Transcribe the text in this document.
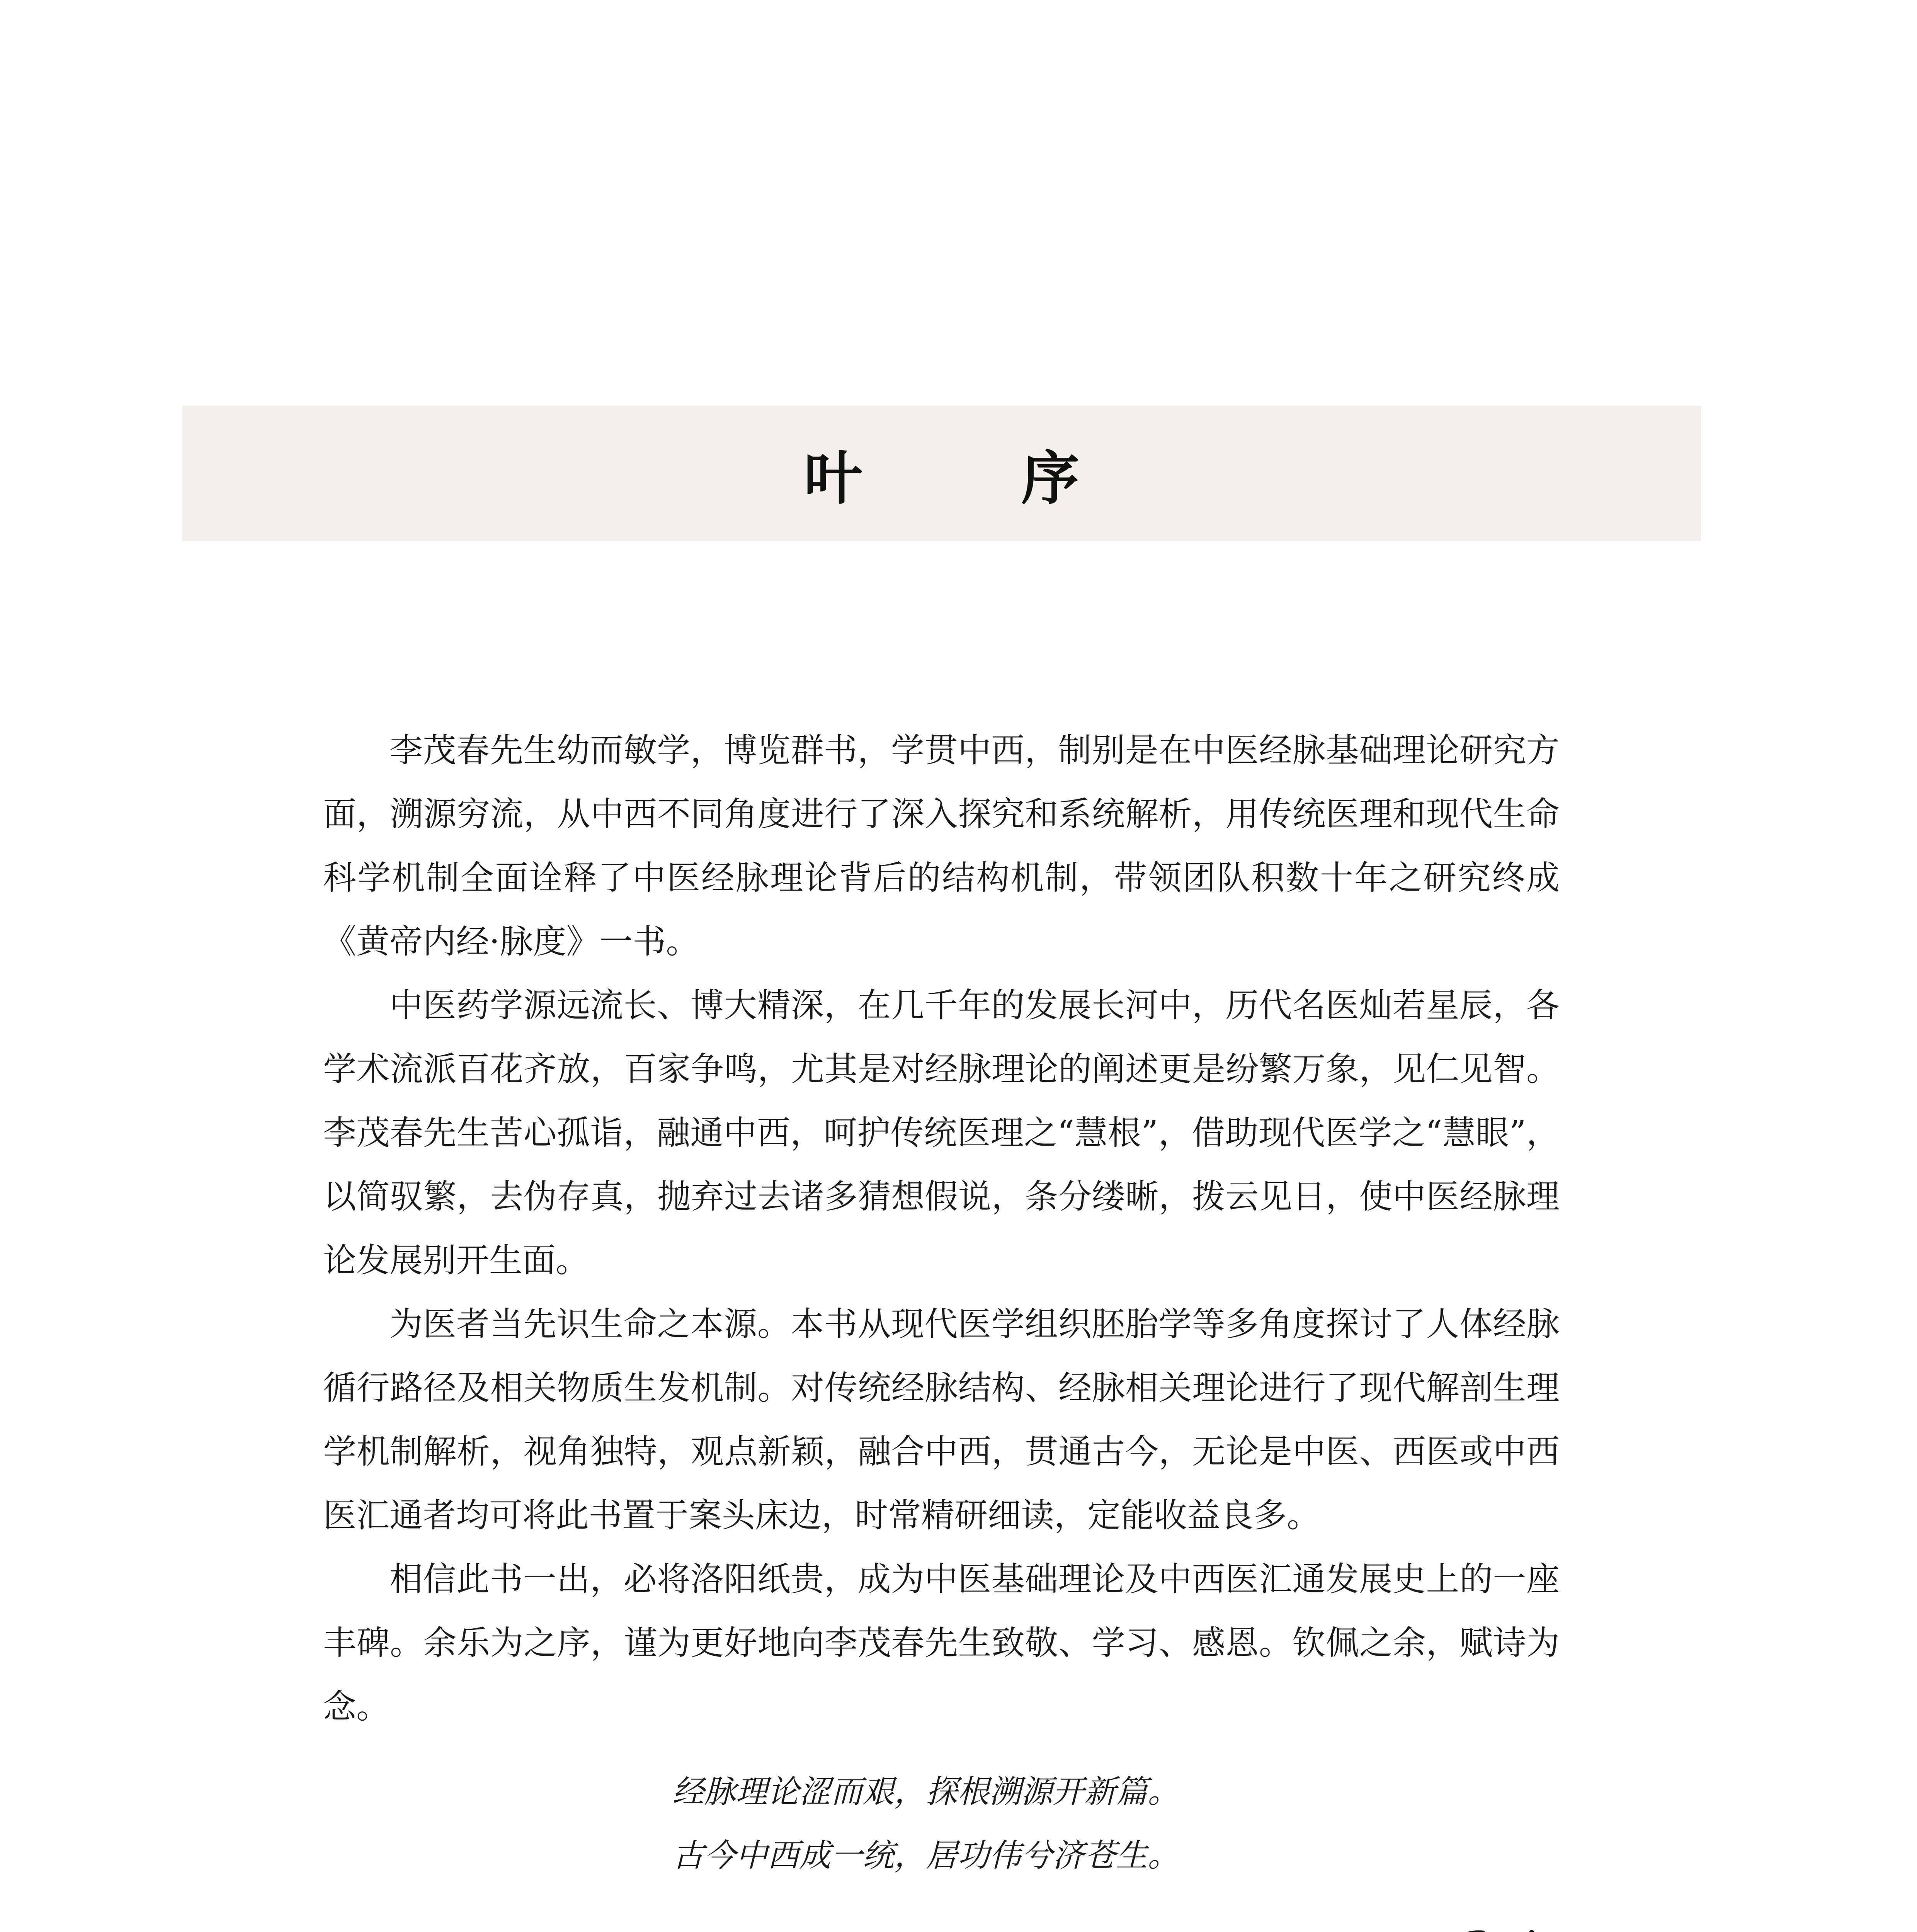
叶 序

李茂春先生幼而敏学，博览群书，学贯中西，制别是在中医经脉基础理论研究方面，溯源穷流，从中西不同角度进行了深入探究和系统解析，用传统医理和现代生命科学机制全面诠释了中医经脉理论背后的结构机制，带领团队积数十年之研究终成《黄帝内经·脉度》一书。

中医药学源远流长、博大精深，在几千年的发展长河中，历代名医灿若星辰，各学术流派百花齐放，百家争鸣，尤其是对经脉理论的阐述更是纷繁万象，见仁见智。李茂春先生苦心孤诣，融通中西，呵护传统医理之“慧根”，借助现代医学之“慧眼”，以简驭繁，去伪存真，抛弃过去诸多猜想假说，条分缕晰，拨云见日，使中医经脉理论发展别开生面。

为医者当先识生命之本源。本书从现代医学组织胚胎学等多角度探讨了人体经脉循行路径及相关物质生发机制。对传统经脉结构、经脉相关理论进行了现代解剖生理学机制解析，视角独特，观点新颖，融合中西，贯通古今，无论是中医、西医或中西医汇通者均可将此书置于案头床边，时常精研细读，定能收益良多。

相信此书一出，必将洛阳纸贵，成为中医基础理论及中西医汇通发展史上的一座丰碑。余乐为之序，谨为更好地向李茂春先生致敬、学习、感恩。钦佩之余，赋诗为念。

经脉理论涩而艰，探根溯源开新篇。
古今中西成一统，居功伟兮济苍生。
